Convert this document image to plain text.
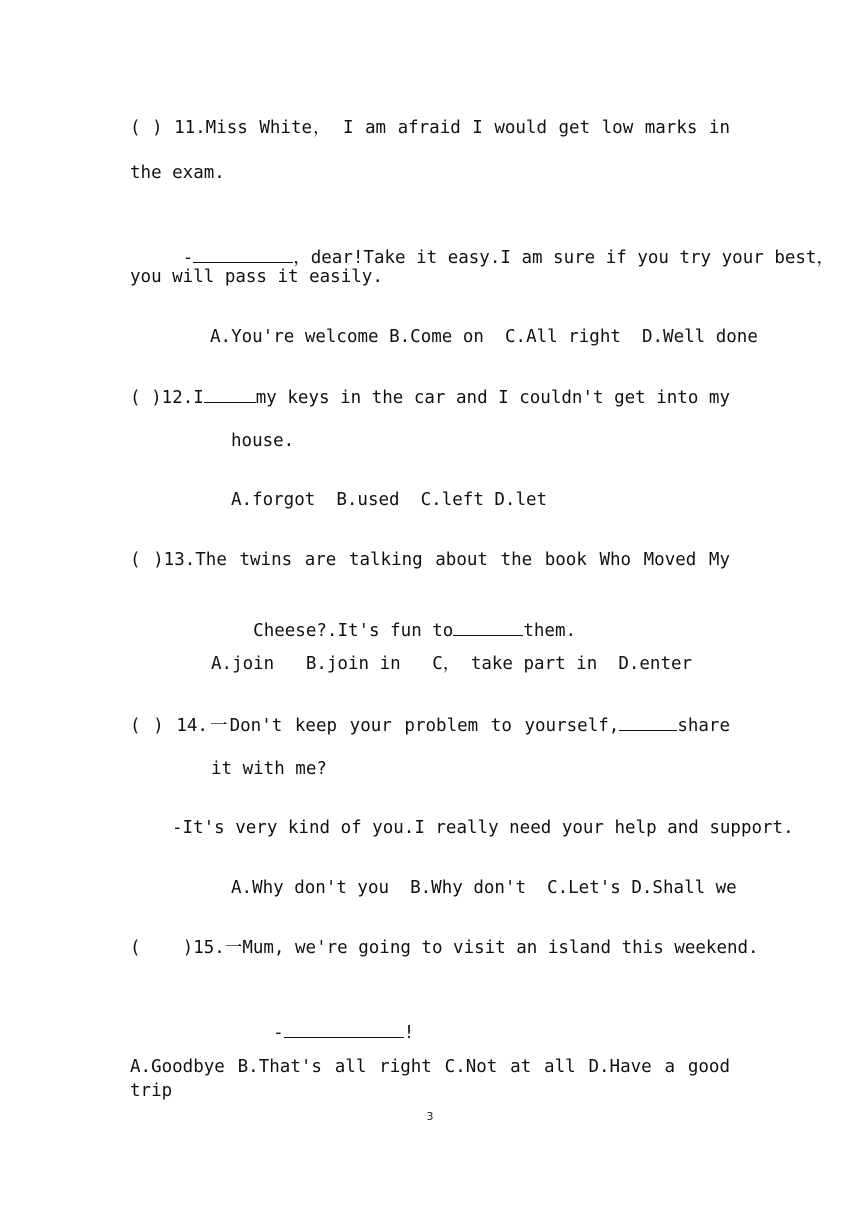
( ) 11.Miss White， I am afraid I would get low marks in
the exam.

-	，dear!Take it easy.I am sure if you try your best，

you will pass it easily.
A.You're welcome B.Come on  C.All right  D.Well done
( )12.I	my keys in the car and I couldn't get into my
house.
A.forgot  B.used  C.left D.let
( )13.The twins are talking about the book Who Moved My

Cheese?.It's fun to	them.

A.join   B.join in   C， take part in  D.enter
( ) 14.一Don't keep your problem to yourself,	share
it with me?
-It's very kind of you.I really need your help and support.
A.Why don't you  B.Why don't  C.Let's D.Shall we
(    )15.一Mum, we're going to visit an island this weekend.

-	!

A.Goodbye B.That's all right C.Not at all D.Have a good trip
3
